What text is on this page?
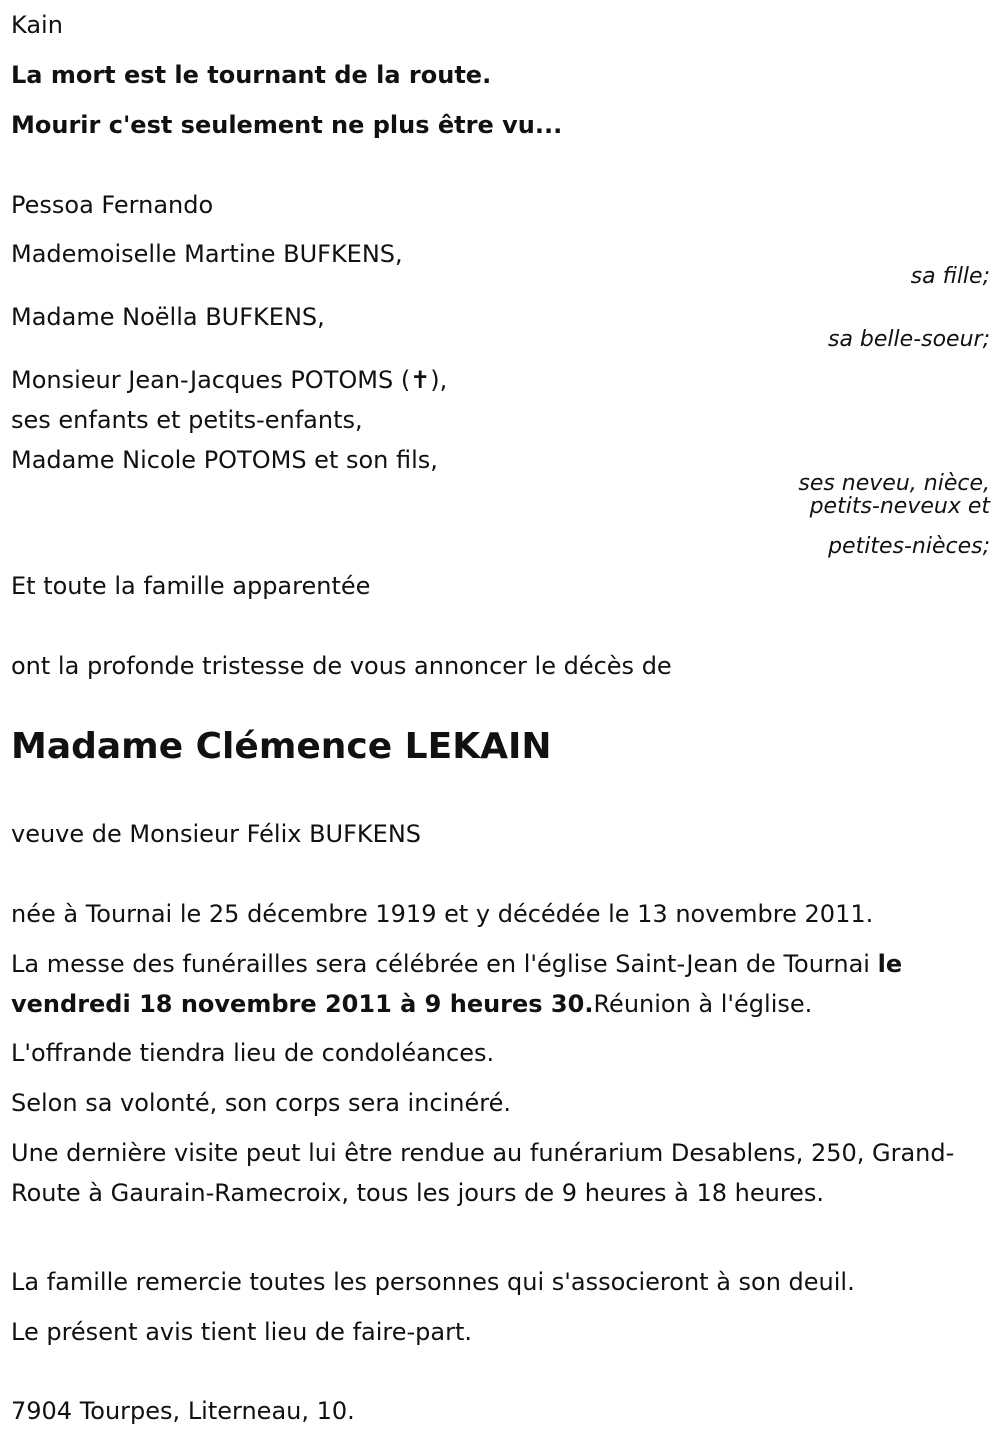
Kain
La mort est le tournant de la route.
Mourir c'est seulement ne plus être vu...
Pessoa Fernando
Mademoiselle Martine BUFKENS,
sa fille;
Madame Noëlla BUFKENS,
sa belle-soeur;
Monsieur Jean-Jacques POTOMS (✝),
ses enfants et petits-enfants,
Madame Nicole POTOMS et son fils,
ses neveu, nièce,
petits-neveux et
petites-nièces;
Et toute la famille apparentée
ont la profonde tristesse de vous annoncer le décès de
Madame Clémence LEKAIN
veuve de Monsieur Félix BUFKENS
née à Tournai le 25 décembre 1919 et y décédée le 13 novembre 2011.
La messe des funérailles sera célébrée en l'église Saint-Jean de Tournai le vendredi 18 novembre 2011 à 9 heures 30.Réunion à l'église.
L'offrande tiendra lieu de condoléances.
Selon sa volonté, son corps sera incinéré.
Une dernière visite peut lui être rendue au funérarium Desablens, 250, Grand-Route à Gaurain-Ramecroix, tous les jours de 9 heures à 18 heures.
La famille remercie toutes les personnes qui s'associeront à son deuil.
Le présent avis tient lieu de faire-part.
7904 Tourpes, Literneau, 10.
